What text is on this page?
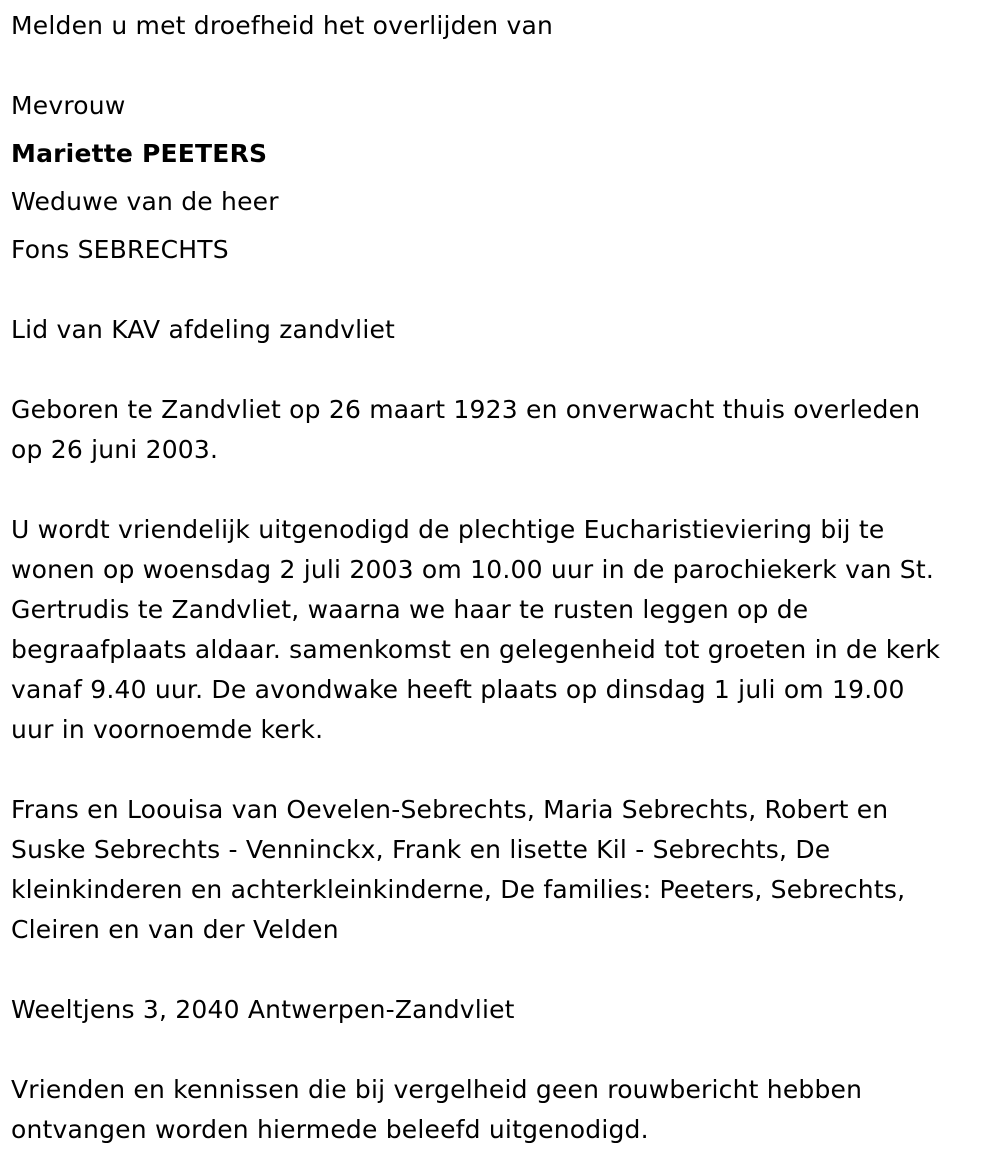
Melden u met droefheid het overlijden van

Mevrouw

Mariette PEETERS

Weduwe van de heer

Fons SEBRECHTS

Lid van KAV afdeling zandvliet

Geboren te Zandvliet op 26 maart 1923 en onverwacht thuis overleden
op 26 juni 2003.
U wordt vriendelijk uitgenodigd de plechtige Eucharistieviering bij te
wonen op woensdag 2 juli 2003 om 10.00 uur in de parochiekerk van St.
Gertrudis te Zandvliet, waarna we haar te rusten leggen op de
begraafplaats aldaar. samenkomst en gelegenheid tot groeten in de kerk
vanaf 9.40 uur. De avondwake heeft plaats op dinsdag 1 juli om 19.00
uur in voornoemde kerk.
Frans en Loouisa van Oevelen-Sebrechts, Maria Sebrechts, Robert en
Suske Sebrechts - Venninckx, Frank en lisette Kil - Sebrechts, De
kleinkinderen en achterkleinkinderne, De families: Peeters, Sebrechts,
Cleiren en van der Velden

Weeltjens 3, 2040 Antwerpen-Zandvliet

Vrienden en kennissen die bij vergelheid geen rouwbericht hebben
ontvangen worden hiermede beleefd uitgenodigd.
